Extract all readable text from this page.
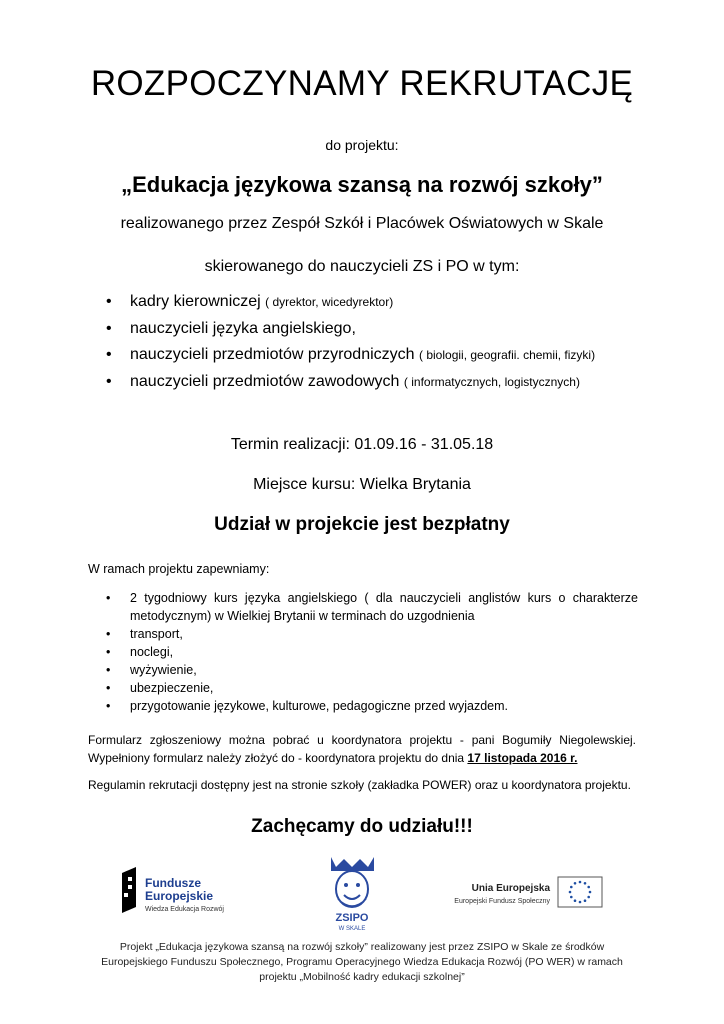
ROZPOCZYNAMY REKRUTACJĘ
do projektu:
„Edukacja językowa szansą na rozwój szkoły”
realizowanego przez Zespół Szkół i Placówek Oświatowych w Skale
skierowanego do nauczycieli ZS i PO w tym:
• kadry kierowniczej ( dyrektor, wicedyrektor)
• nauczycieli języka angielskiego,
• nauczycieli przedmiotów przyrodniczych ( biologii, geografii. chemii, fizyki)
• nauczycieli przedmiotów zawodowych ( informatycznych, logistycznych)
Termin realizacji: 01.09.16 - 31.05.18
Miejsce kursu: Wielka Brytania
Udział w projekcie jest bezpłatny
W ramach projektu zapewniamy:
• 2 tygodniowy kurs języka angielskiego ( dla nauczycieli anglistów kurs o charakterze metodycznym) w Wielkiej Brytanii w terminach do uzgodnienia
• transport,
• noclegi,
• wyżywienie,
• ubezpieczenie,
• przygotowanie językowe, kulturowe, pedagogiczne przed wyjazdem.
Formularz zgłoszeniowy można pobrać u koordynatora projektu - pani Bogumiły Niegolewskiej. Wypełniony formularz należy złożyć do - koordynatora projektu do dnia 17 listopada 2016 r.
Regulamin rekrutacji dostępny jest na stronie szkoły (zakładka POWER) oraz u koordynatora projektu.
Zachęcamy do udziału!!!
Fundusze
Europejskie
Wiedza Edukacja Rozwój
ZSIPO
W SKALE
Unia Europejska
Europejski Fundusz Społeczny
Projekt „Edukacja językowa szansą na rozwój szkoły” realizowany jest przez ZSIPO w Skale ze środków Europejskiego Funduszu Społecznego, Programu Operacyjnego Wiedza Edukacja Rozwój (PO WER) w ramach projektu „Mobilność kadry edukacji szkolnej”
